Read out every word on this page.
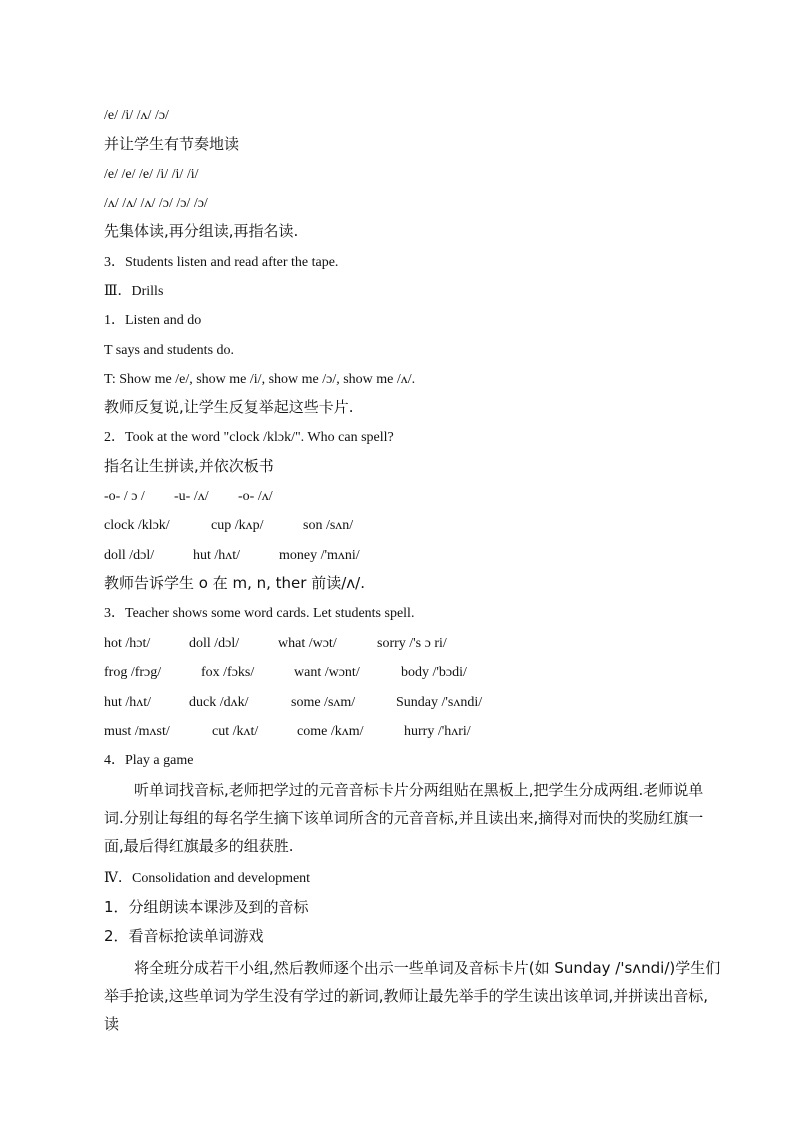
/e/ /i/ /ʌ/ /ɔ/
并让学生有节奏地读
/e/ /e/ /e/ /i/ /i/ /i/
/ʌ/ /ʌ/ /ʌ/ /ɔ/ /ɔ/ /ɔ/
先集体读,再分组读,再指名读.
3．Students listen and read after the tape.
Ⅲ．Drills
1．Listen and do
T says and students do.
T: Show me /e/, show me /i/, show me /ɔ/, show me /ʌ/.
教师反复说,让学生反复举起这些卡片.
2．Took at the word "clock /klɔk/". Who can spell?
指名让生拼读,并依次板书
-o- / ɔ / -u- /ʌ/ -o- /ʌ/
clock /klɔk/	cup /kʌp/	son /sʌn/
doll /dɔl/	hut /hʌt/	money /'mʌni/
教师告诉学生 o 在 m, n, ther 前读/ʌ/.
3．Teacher shows some word cards. Let students spell.
hot /hɔt/	doll /dɔl/	what /wɔt/	sorry /'s ɔ ri/
frog /frɔg/	fox /fɔks/	want /wɔnt/	body /'bɔdi/
hut /hʌt/	duck /dʌk/	some /sʌm/	Sunday /'sʌndi/
must /mʌst/	cut /kʌt/	come /kʌm/	hurry /'hʌri/
4．Play a game
听单词找音标,老师把学过的元音音标卡片分两组贴在黑板上,把学生分成两组.老师说单词.分别让每组的每名学生摘下该单词所含的元音音标,并且读出来,摘得对而快的奖励红旗一面,最后得红旗最多的组获胜.
Ⅳ．Consolidation and development
1．分组朗读本课涉及到的音标
2．看音标抢读单词游戏
将全班分成若干小组,然后教师逐个出示一些单词及音标卡片(如 Sunday /'sʌndi/)学生们举手抢读,这些单词为学生没有学过的新词,教师让最先举手的学生读出该单词,并拼读出音标,读
